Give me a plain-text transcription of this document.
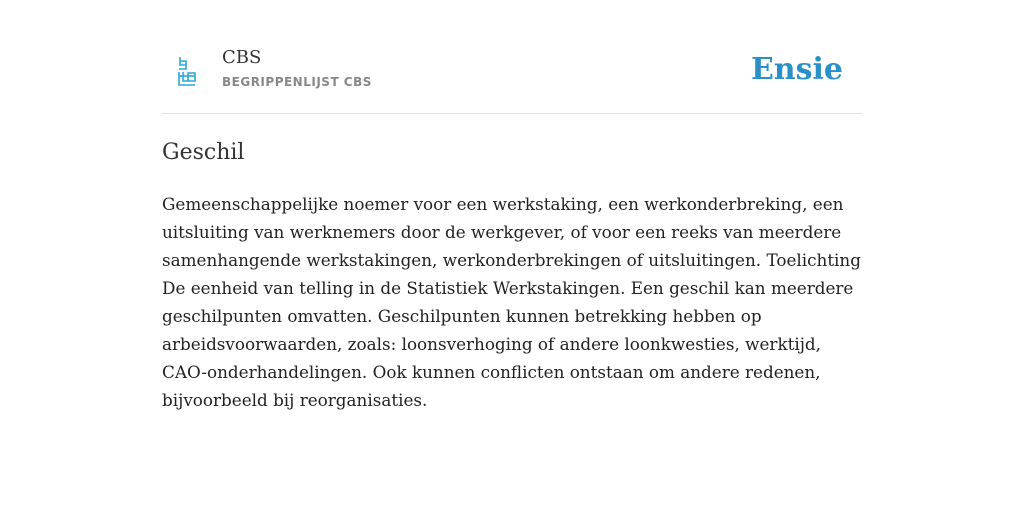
CBS
BEGRIPPENLIJST CBS	Ensie
Geschil

Gemeenschappelijke noemer voor een werkstaking, een werkonderbreking, een uitsluiting van werknemers door de werkgever, of voor een reeks van meerdere samenhangende werkstakingen, werkonderbrekingen of uitsluitingen. Toelichting De eenheid van telling in de Statistiek Werkstakingen. Een geschil kan meerdere geschilpunten omvatten. Geschilpunten kunnen betrekking hebben op arbeidsvoorwaarden, zoals: loonsverhoging of andere loonkwesties, werktijd, CAO-onderhandelingen. Ook kunnen conflicten ontstaan om andere redenen, bijvoorbeeld bij reorganisaties.
